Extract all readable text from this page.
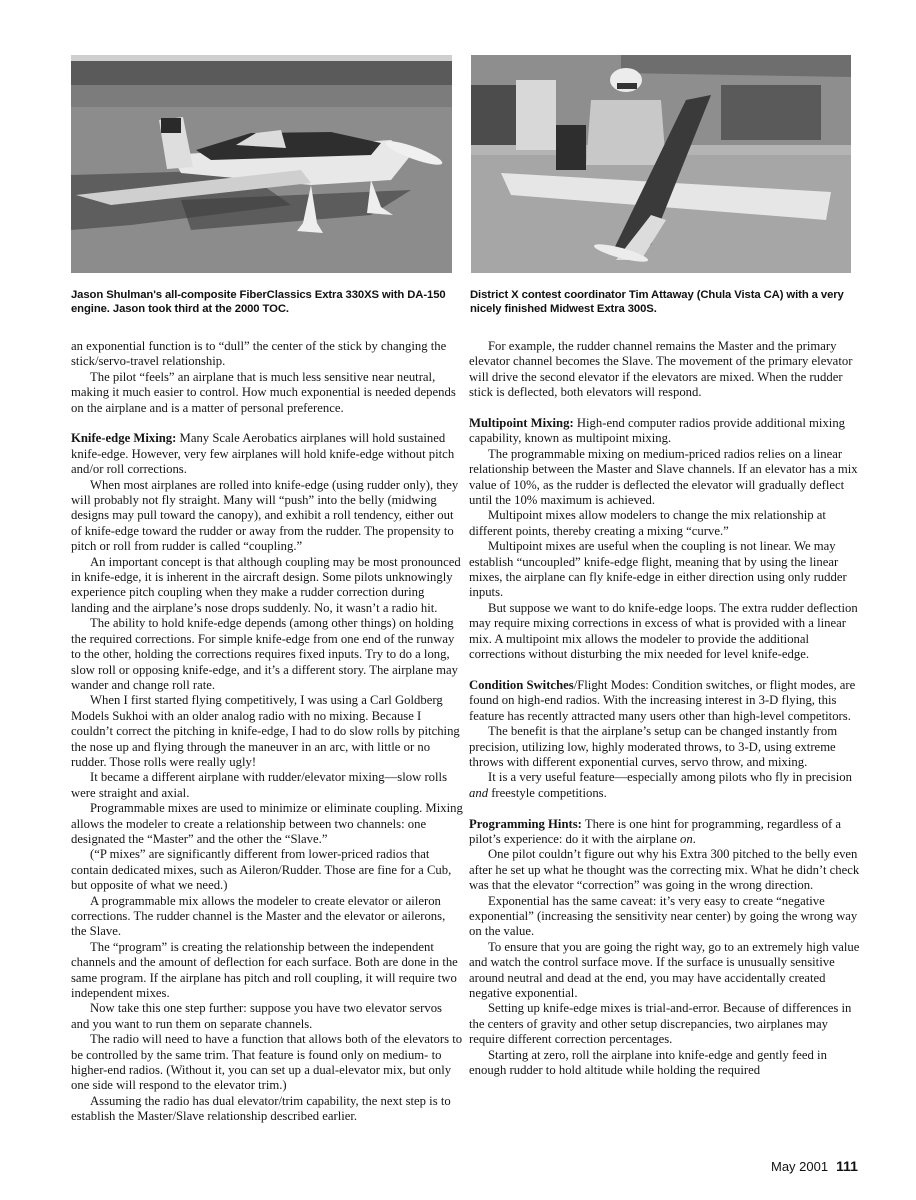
Jason Shulman's all-composite FiberClassics Extra 330XS with DA-150 engine. Jason took third at the 2000 TOC.
District X contest coordinator Tim Attaway (Chula Vista CA) with a very nicely finished Midwest Extra 300S.

an exponential function is to “dull” the center of the stick by changing the stick/servo-travel relationship.

The pilot “feels” an airplane that is much less sensitive near neutral, making it much easier to control. How much exponential is needed depends on the airplane and is a matter of personal preference.

Knife-edge Mixing: Many Scale Aerobatics airplanes will hold sustained knife-edge. However, very few airplanes will hold knife-edge without pitch and/or roll corrections.

When most airplanes are rolled into knife-edge (using rudder only), they will probably not fly straight. Many will “push” into the belly (midwing designs may pull toward the canopy), and exhibit a roll tendency, either out of knife-edge toward the rudder or away from the rudder. The propensity to pitch or roll from rudder is called “coupling.”

An important concept is that although coupling may be most pronounced in knife-edge, it is inherent in the aircraft design. Some pilots unknowingly experience pitch coupling when they make a rudder correction during landing and the airplane’s nose drops suddenly. No, it wasn’t a radio hit.

The ability to hold knife-edge depends (among other things) on holding the required corrections. For simple knife-edge from one end of the runway to the other, holding the corrections requires fixed inputs. Try to do a long, slow roll or opposing knife-edge, and it’s a different story. The airplane may wander and change roll rate.

When I first started flying competitively, I was using a Carl Goldberg Models Sukhoi with an older analog radio with no mixing. Because I couldn’t correct the pitching in knife-edge, I had to do slow rolls by pitching the nose up and flying through the maneuver in an arc, with little or no rudder. Those rolls were really ugly!

It became a different airplane with rudder/elevator mixing—slow rolls were straight and axial.

Programmable mixes are used to minimize or eliminate coupling. Mixing allows the modeler to create a relationship between two channels: one designated the “Master” and the other the “Slave.”

(“P mixes” are significantly different from lower-priced radios that contain dedicated mixes, such as Aileron/Rudder. Those are fine for a Cub, but opposite of what we need.)

A programmable mix allows the modeler to create elevator or aileron corrections. The rudder channel is the Master and the elevator or ailerons, the Slave.

The “program” is creating the relationship between the independent channels and the amount of deflection for each surface. Both are done in the same program. If the airplane has pitch and roll coupling, it will require two independent mixes.

Now take this one step further: suppose you have two elevator servos and you want to run them on separate channels.

The radio will need to have a function that allows both of the elevators to be controlled by the same trim. That feature is found only on medium- to higher-end radios. (Without it, you can set up a dual-elevator mix, but only one side will respond to the elevator trim.)

Assuming the radio has dual elevator/trim capability, the next step is to establish the Master/Slave relationship described earlier.

For example, the rudder channel remains the Master and the primary elevator channel becomes the Slave. The movement of the primary elevator will drive the second elevator if the elevators are mixed. When the rudder stick is deflected, both elevators will respond.

Multipoint Mixing: High-end computer radios provide additional mixing capability, known as multipoint mixing.

The programmable mixing on medium-priced radios relies on a linear relationship between the Master and Slave channels. If an elevator has a mix value of 10%, as the rudder is deflected the elevator will gradually deflect until the 10% maximum is achieved.

Multipoint mixes allow modelers to change the mix relationship at different points, thereby creating a mixing “curve.”

Multipoint mixes are useful when the coupling is not linear. We may establish “uncoupled” knife-edge flight, meaning that by using the linear mixes, the airplane can fly knife-edge in either direction using only rudder inputs.

But suppose we want to do knife-edge loops. The extra rudder deflection may require mixing corrections in excess of what is provided with a linear mix. A multipoint mix allows the modeler to provide the additional corrections without disturbing the mix needed for level knife-edge.

Condition Switches/Flight Modes: Condition switches, or flight modes, are found on high-end radios. With the increasing interest in 3-D flying, this feature has recently attracted many users other than high-level competitors.

The benefit is that the airplane’s setup can be changed instantly from precision, utilizing low, highly moderated throws, to 3-D, using extreme throws with different exponential curves, servo throw, and mixing.

It is a very useful feature—especially among pilots who fly in precision and freestyle competitions.

Programming Hints: There is one hint for programming, regardless of a pilot’s experience: do it with the airplane on.

One pilot couldn’t figure out why his Extra 300 pitched to the belly even after he set up what he thought was the correcting mix. What he didn’t check was that the elevator “correction” was going in the wrong direction.

Exponential has the same caveat: it’s very easy to create “negative exponential” (increasing the sensitivity near center) by going the wrong way on the value.

To ensure that you are going the right way, go to an extremely high value and watch the control surface move. If the surface is unusually sensitive around neutral and dead at the end, you may have accidentally created negative exponential.

Setting up knife-edge mixes is trial-and-error. Because of differences in the centers of gravity and other setup discrepancies, two airplanes may require different correction percentages.

Starting at zero, roll the airplane into knife-edge and gently feed in enough rudder to hold altitude while holding the required

May 2001 111
